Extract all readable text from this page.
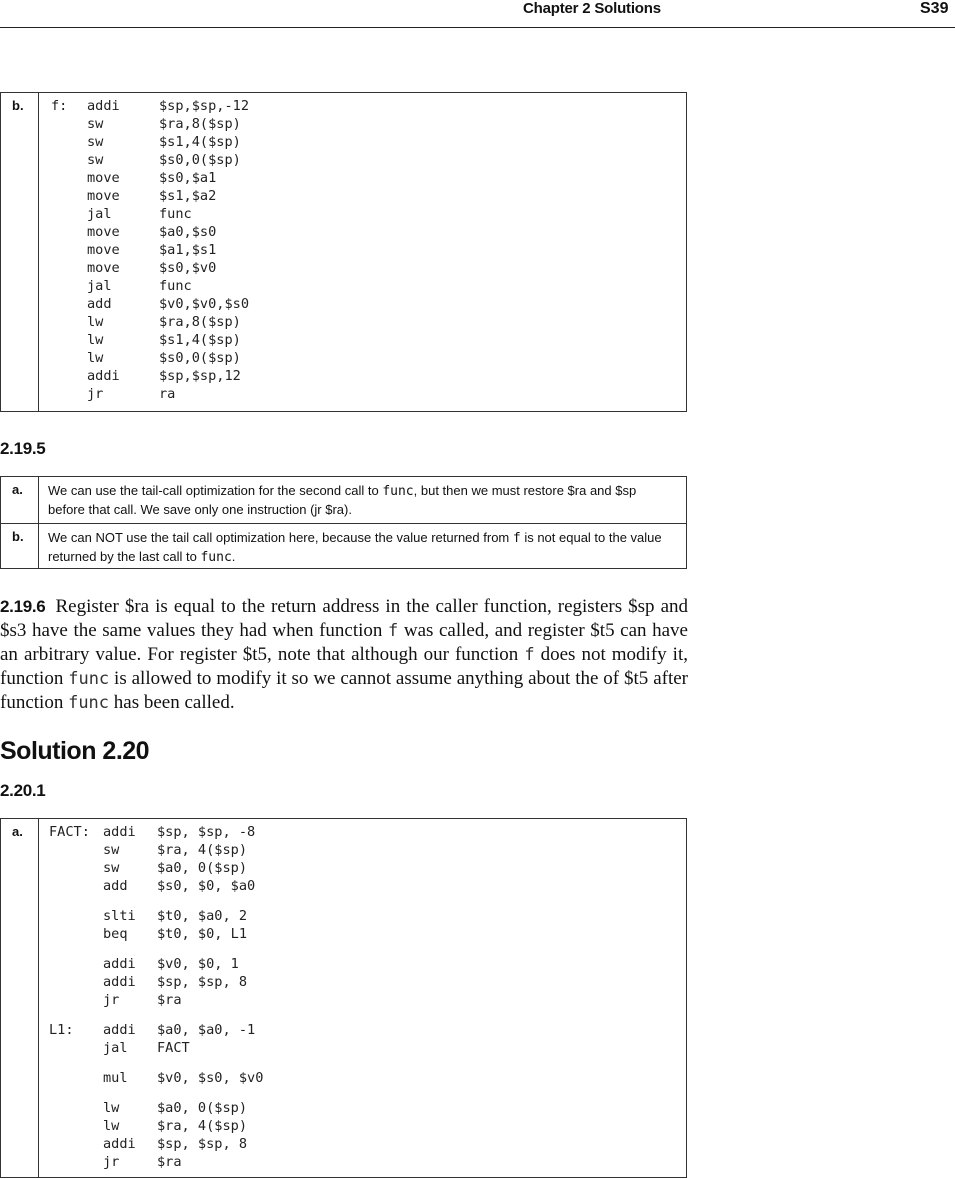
Chapter 2 Solutions	S39
b.	f:	addi	$sp,$sp,-12
sw	$ra,8($sp)
sw	$s1,4($sp)
sw	$s0,0($sp)
move	$s0,$a1
move	$s1,$a2
jal	func
move	$a0,$s0
move	$a1,$s1
move	$s0,$v0
jal	func
add	$v0,$v0,$s0
lw	$ra,8($sp)
lw	$s1,4($sp)
lw	$s0,0($sp)
addi	$sp,$sp,12
jr	ra
2.19.5
a.	We can use the tail-call optimization for the second call to func, but then we must restore $ra and $sp before that call. We save only one instruction (jr $ra).
b.	We can NOT use the tail call optimization here, because the value returned from f is not equal to the value returned by the last call to func.

2.19.6 Register $ra is equal to the return address in the caller function, registers $sp and $s3 have the same values they had when function f was called, and register $t5 can have an arbitrary value. For register $t5, note that although our function f does not modify it, function func is allowed to modify it so we cannot assume anything about the of $t5 after function func has been called.

Solution 2.20
2.20.1
a.	FACT: addi	$sp, $sp, -8
sw	$ra, 4($sp)
sw	$a0, 0($sp)
add	$s0, $0, $a0
slti	$t0, $a0, 2
beq	$t0, $0, L1
addi	$v0, $0, 1
addi	$sp, $sp, 8
jr	$ra
L1:	addi	$a0, $a0, -1
jal	FACT
mul	$v0, $s0, $v0
lw	$a0, 0($sp)
lw	$ra, 4($sp)
addi	$sp, $sp, 8
jr	$ra
